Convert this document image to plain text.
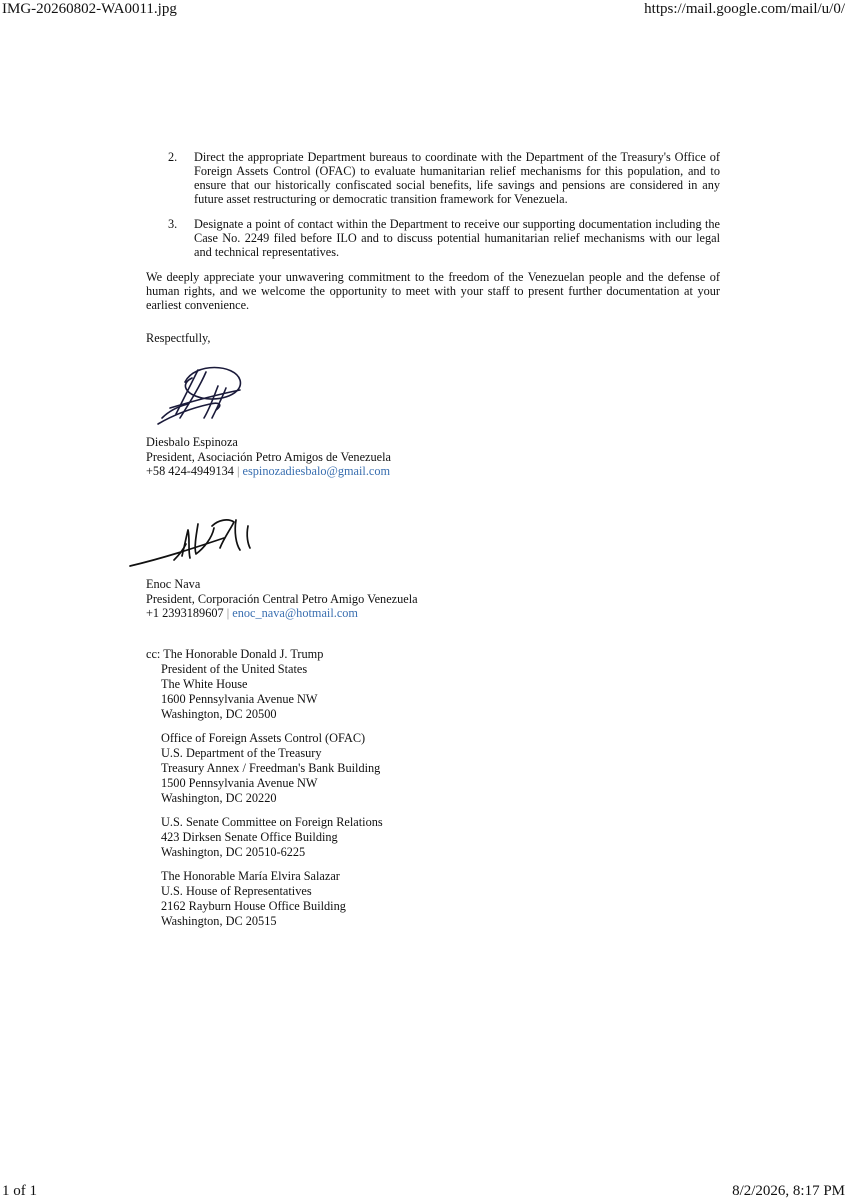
IMG-20260802-WA0011.jpg	https://mail.google.com/mail/u/0/
1 of 1	8/2/2026, 8:17 PM
2. Direct the appropriate Department bureaus to coordinate with the Department of the Treasury's Office of Foreign Assets Control (OFAC) to evaluate humanitarian relief mechanisms for this population, and to ensure that our historically confiscated social benefits, life savings and pensions are considered in any future asset restructuring or democratic transition framework for Venezuela.
3. Designate a point of contact within the Department to receive our supporting documentation including the Case No. 2249 filed before ILO and to discuss potential humanitarian relief mechanisms with our legal and technical representatives.
We deeply appreciate your unwavering commitment to the freedom of the Venezuelan people and the defense of human rights, and we welcome the opportunity to meet with your staff to present further documentation at your earliest convenience.
Respectfully,
Diesbalo Espinoza
President, Asociación Petro Amigos de Venezuela
+58 424-4949134 | espinozadiesbalo@gmail.com
Enoc Nava
President, Corporación Central Petro Amigo Venezuela
+1 2393189607 | enoc_nava@hotmail.com
cc: The Honorable Donald J. Trump
President of the United States
The White House
1600 Pennsylvania Avenue NW
Washington, DC 20500
Office of Foreign Assets Control (OFAC)
U.S. Department of the Treasury
Treasury Annex / Freedman's Bank Building
1500 Pennsylvania Avenue NW
Washington, DC 20220
U.S. Senate Committee on Foreign Relations
423 Dirksen Senate Office Building
Washington, DC 20510-6225
The Honorable María Elvira Salazar
U.S. House of Representatives
2162 Rayburn House Office Building
Washington, DC 20515
